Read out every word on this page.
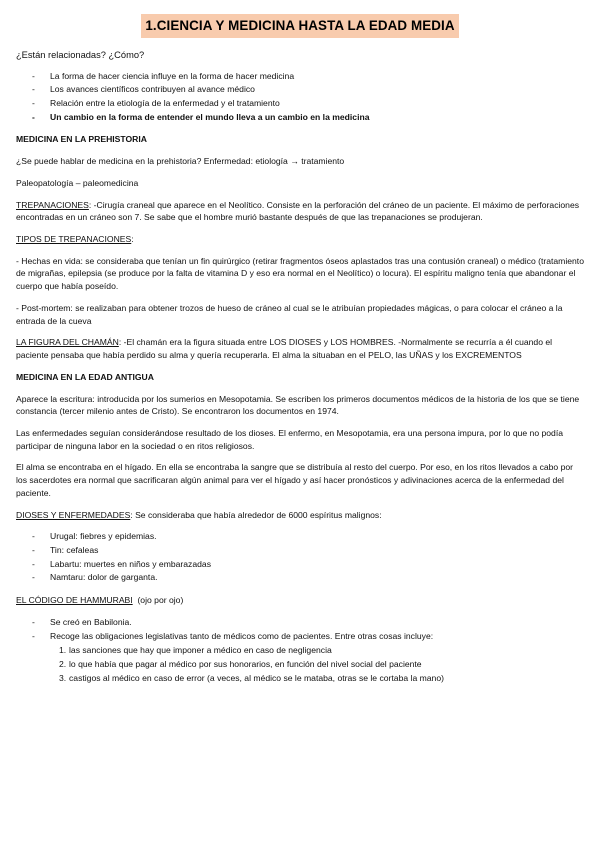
1.CIENCIA Y MEDICINA HASTA LA EDAD MEDIA

¿Están relacionadas? ¿Cómo?

- La forma de hacer ciencia influye en la forma de hacer medicina
- Los avances científicos contribuyen al avance médico
- Relación entre la etiología de la enfermedad y el tratamiento
- Un cambio en la forma de entender el mundo lleva a un cambio en la medicina

MEDICINA EN LA PREHISTORIA

¿Se puede hablar de medicina en la prehistoria? Enfermedad: etiología → tratamiento

Paleopatología – paleomedicina

TREPANACIONES: -Cirugía craneal que aparece en el Neolítico. Consiste en la perforación del cráneo de un paciente. El máximo de perforaciones encontradas en un cráneo son 7. Se sabe que el hombre murió bastante después de que las trepanaciones se produjeran.

TIPOS DE TREPANACIONES:

- Hechas en vida: se consideraba que tenían un fin quirúrgico (retirar fragmentos óseos aplastados tras una contusión craneal) o médico (tratamiento de migrañas, epilepsia (se produce por la falta de vitamina D y eso era normal en el Neolítico) o locura). El espíritu maligno tenía que abandonar el cuerpo que había poseído.

- Post-mortem: se realizaban para obtener trozos de hueso de cráneo al cual se le atribuían propiedades mágicas, o para colocar el cráneo a la entrada de la cueva

LA FIGURA DEL CHAMÁN: -El chamán era la figura situada entre LOS DIOSES y LOS HOMBRES. -Normalmente se recurría a él cuando el paciente pensaba que había perdido su alma y quería recuperarla. El alma la situaban en el PELO, las UÑAS y los EXCREMENTOS

MEDICINA EN LA EDAD ANTIGUA

Aparece la escritura: introducida por los sumerios en Mesopotamia. Se escriben los primeros documentos médicos de la historia de los que se tiene constancia (tercer milenio antes de Cristo). Se encontraron los documentos en 1974.

Las enfermedades seguían considerándose resultado de los dioses. El enfermo, en Mesopotamia, era una persona impura, por lo que no podía participar de ninguna labor en la sociedad o en ritos religiosos.

El alma se encontraba en el hígado. En ella se encontraba la sangre que se distribuía al resto del cuerpo. Por eso, en los ritos llevados a cabo por los sacerdotes era normal que sacrificaran algún animal para ver el hígado y así hacer pronósticos y adivinaciones acerca de la enfermedad del paciente.

DIOSES Y ENFERMEDADES: Se consideraba que había alrededor de 6000 espíritus malignos:

- Urugal: fiebres y epidemias.
- Tin: cefaleas
- Labartu: muertes en niños y embarazadas
- Namtaru: dolor de garganta.

EL CÓDIGO DE HAMMURABI  (ojo por ojo)

- Se creó en Babilonia.
- Recoge las obligaciones legislativas tanto de médicos como de pacientes. Entre otras cosas incluye:
1. las sanciones que hay que imponer a médico en caso de negligencia
2. lo que había que pagar al médico por sus honorarios, en función del nivel social del paciente
3. castigos al médico en caso de error (a veces, al médico se le mataba, otras se le cortaba la mano)
